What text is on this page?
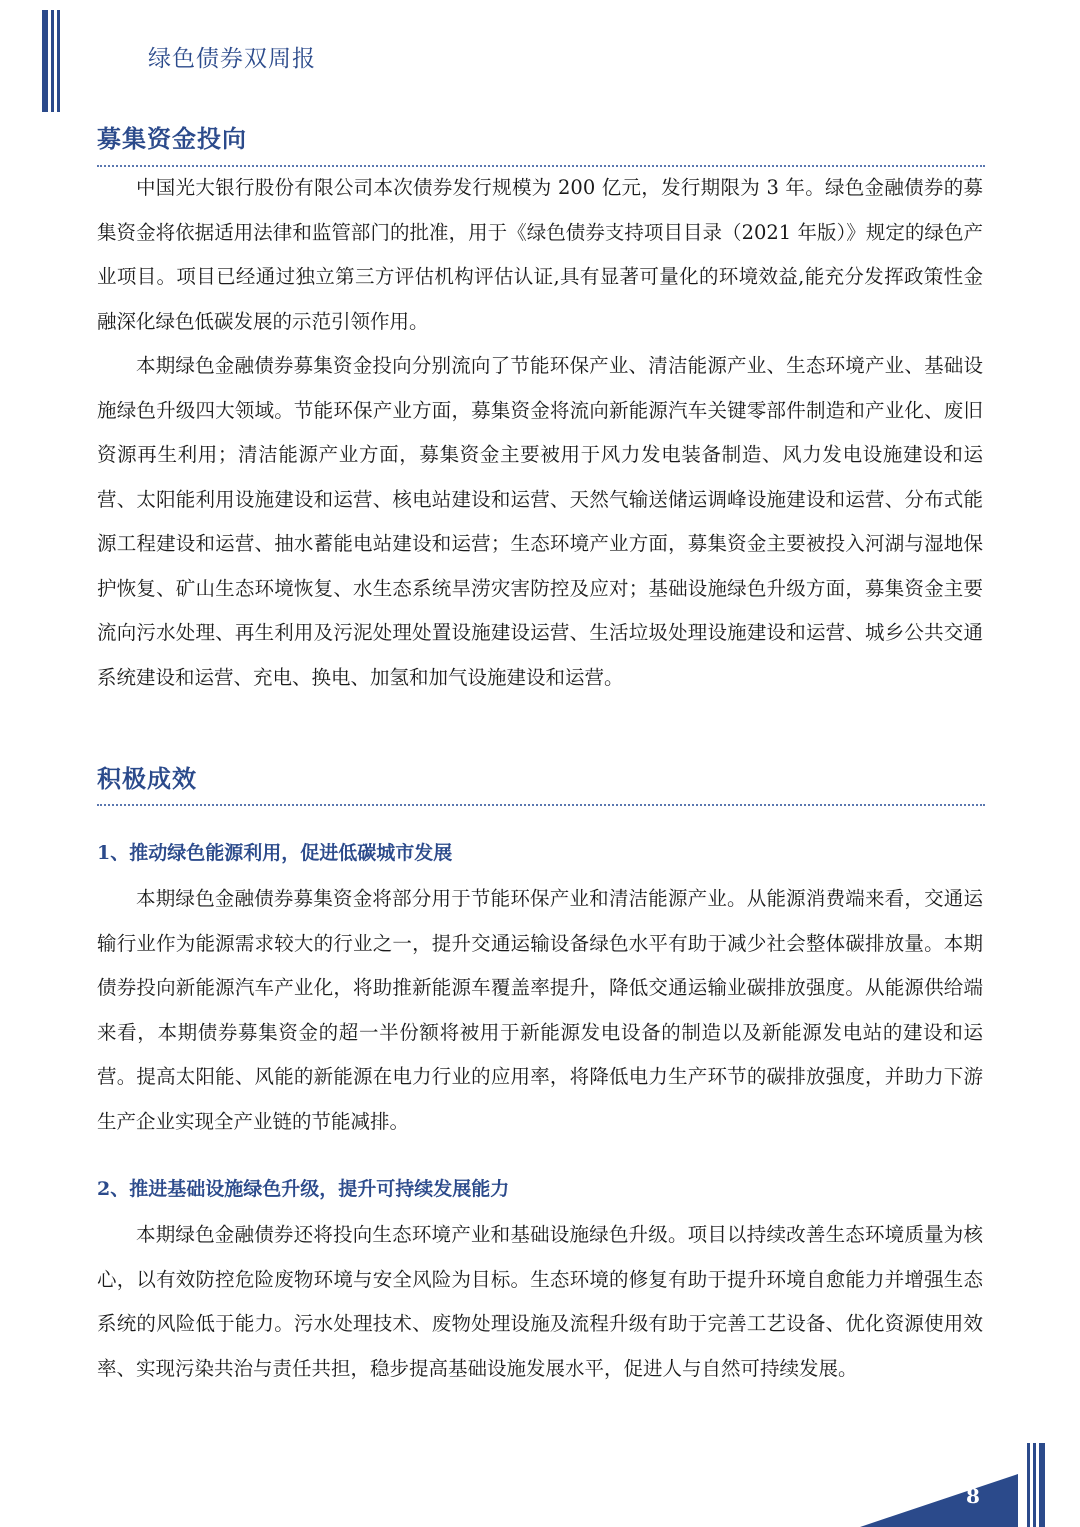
绿色债券双周报
募集资金投向

中国光大银行股份有限公司本次债券发行规模为 200 亿元，发行期限为 3 年。绿色金融债券的募集资金将依据适用法律和监管部门的批准，用于《绿色债券支持项目目录（2021 年版）》规定的绿色产业项目。项目已经通过独立第三方评估机构评估认证,具有显著可量化的环境效益,能充分发挥政策性金融深化绿色低碳发展的示范引领作用。

本期绿色金融债券募集资金投向分别流向了节能环保产业、清洁能源产业、生态环境产业、基础设施绿色升级四大领域。节能环保产业方面，募集资金将流向新能源汽车关键零部件制造和产业化、废旧资源再生利用；清洁能源产业方面，募集资金主要被用于风力发电装备制造、风力发电设施建设和运营、太阳能利用设施建设和运营、核电站建设和运营、天然气输送储运调峰设施建设和运营、分布式能源工程建设和运营、抽水蓄能电站建设和运营；生态环境产业方面，募集资金主要被投入河湖与湿地保护恢复、矿山生态环境恢复、水生态系统旱涝灾害防控及应对；基础设施绿色升级方面，募集资金主要流向污水处理、再生利用及污泥处理处置设施建设运营、生活垃圾处理设施建设和运营、城乡公共交通系统建设和运营、充电、换电、加氢和加气设施建设和运营。

积极成效
1、推动绿色能源利用，促进低碳城市发展

本期绿色金融债券募集资金将部分用于节能环保产业和清洁能源产业。从能源消费端来看，交通运输行业作为能源需求较大的行业之一，提升交通运输设备绿色水平有助于减少社会整体碳排放量。本期债券投向新能源汽车产业化，将助推新能源车覆盖率提升，降低交通运输业碳排放强度。从能源供给端来看，本期债券募集资金的超一半份额将被用于新能源发电设备的制造以及新能源发电站的建设和运营。提高太阳能、风能的新能源在电力行业的应用率，将降低电力生产环节的碳排放强度，并助力下游生产企业实现全产业链的节能减排。

2、推进基础设施绿色升级，提升可持续发展能力

本期绿色金融债券还将投向生态环境产业和基础设施绿色升级。项目以持续改善生态环境质量为核心，以有效防控危险废物环境与安全风险为目标。生态环境的修复有助于提升环境自愈能力并增强生态系统的风险低于能力。污水处理技术、废物处理设施及流程升级有助于完善工艺设备、优化资源使用效率、实现污染共治与责任共担，稳步提高基础设施发展水平，促进人与自然可持续发展。

8
